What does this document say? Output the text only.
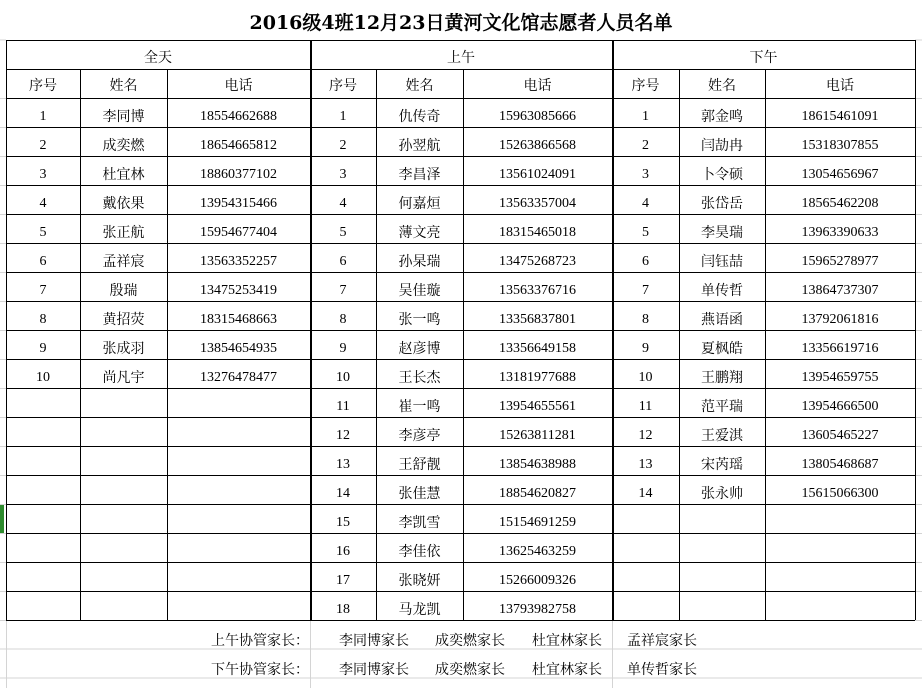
2016级4班12月23日黄河文化馆志愿者人员名单
全天
序号	姓名	电话
1	李同博	18554662688
2	成奕燃	18654665812
3	杜宜林	18860377102
4	戴依果	13954315466
5	张正航	15954677404
6	孟祥宸	13563352257
7	殷瑞	13475253419
8	黄招荧	18315468663
9	张成羽	13854654935
10	尚凡宇	13276478477
上午
序号	姓名	电话
1	仇传奇	15963085666
2	孙翌航	15263866568
3	李昌泽	13561024091
4	何嘉烜	13563357004
5	薄文亮	18315465018
6	孙杲瑞	13475268723
7	吴佳璇	13563376716
8	张一鸣	13356837801
9	赵彦博	13356649158
10	王长杰	13181977688
11	崔一鸣	13954655561
12	李彦亭	15263811281
13	王舒靓	13854638988
14	张佳慧	18854620827
15	李凯雪	15154691259
16	李佳依	13625463259
17	张晓妍	15266009326
18	马龙凯	13793982758
下午
序号	姓名	电话
1	郭金鸣	18615461091
2	闫劼冉	15318307855
3	卜令硕	13054656967
4	张岱岳	18565462208
5	李昊瑞	13963390633
6	闫钰喆	15965278977
7	单传哲	13864737307
8	燕语函	13792061816
9	夏枫皓	13356619716
10	王鹏翔	13954659755
11	范平瑞	13954666500
12	王爱淇	13605465227
13	宋芮瑶	13805468687
14	张永帅	15615066300
上午协管家长： 李同博家长 成奕燃家长 杜宜林家长 孟祥宸家长
下午协管家长： 李同博家长 成奕燃家长 杜宜林家长 单传哲家长
